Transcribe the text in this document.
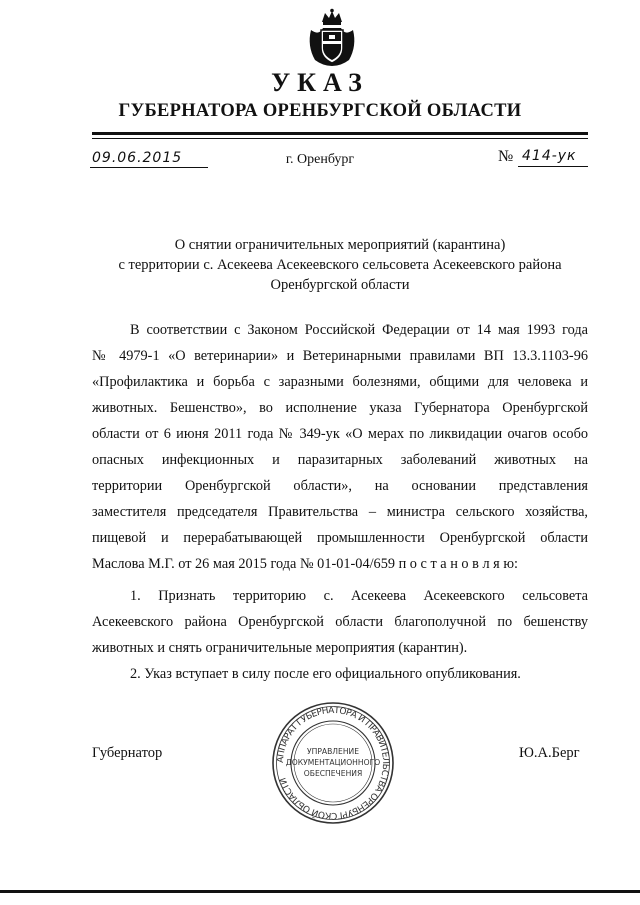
УКАЗ
ГУБЕРНАТОРА ОРЕНБУРГСКОЙ ОБЛАСТИ
09.06.2015	г. Оренбург	№ 414-ук
О снятии ограничительных мероприятий (карантина)
с территории с. Асекеева Асекеевского сельсовета Асекеевского района
Оренбургской области
В соответствии с Законом Российской Федерации от 14 мая 1993 года
№ 4979-1 «О ветеринарии» и Ветеринарными правилами ВП 13.3.1103-96
«Профилактика и борьба с заразными болезнями, общими для человека и
животных. Бешенство», во исполнение указа Губернатора Оренбургской
области от 6 июня 2011 года № 349-ук «О мерах по ликвидации очагов особо
опасных инфекционных и паразитарных заболеваний животных на
территории Оренбургской области», на основании представления
заместителя председателя Правительства – министра сельского хозяйства,
пищевой и перерабатывающей промышленности Оренбургской области
Маслова М.Г. от 26 мая 2015 года № 01-01-04/659 п о с т а н о в л я ю:
1. Признать территорию с. Асекеева Асекеевского сельсовета
Асекеевского района Оренбургской области благополучной по бешенству
животных и снять ограничительные мероприятия (карантин).
2. Указ вступает в силу после его официального опубликования.
Губернатор	Ю.А.Берг
АППАРАТ ГУБЕРНАТОРА И ПРАВИТЕЛЬСТВА ОРЕНБУРГСКОЙ ОБЛАСТИ
УПРАВЛЕНИЕ
ДОКУМЕНТАЦИОННОГО
ОБЕСПЕЧЕНИЯ
